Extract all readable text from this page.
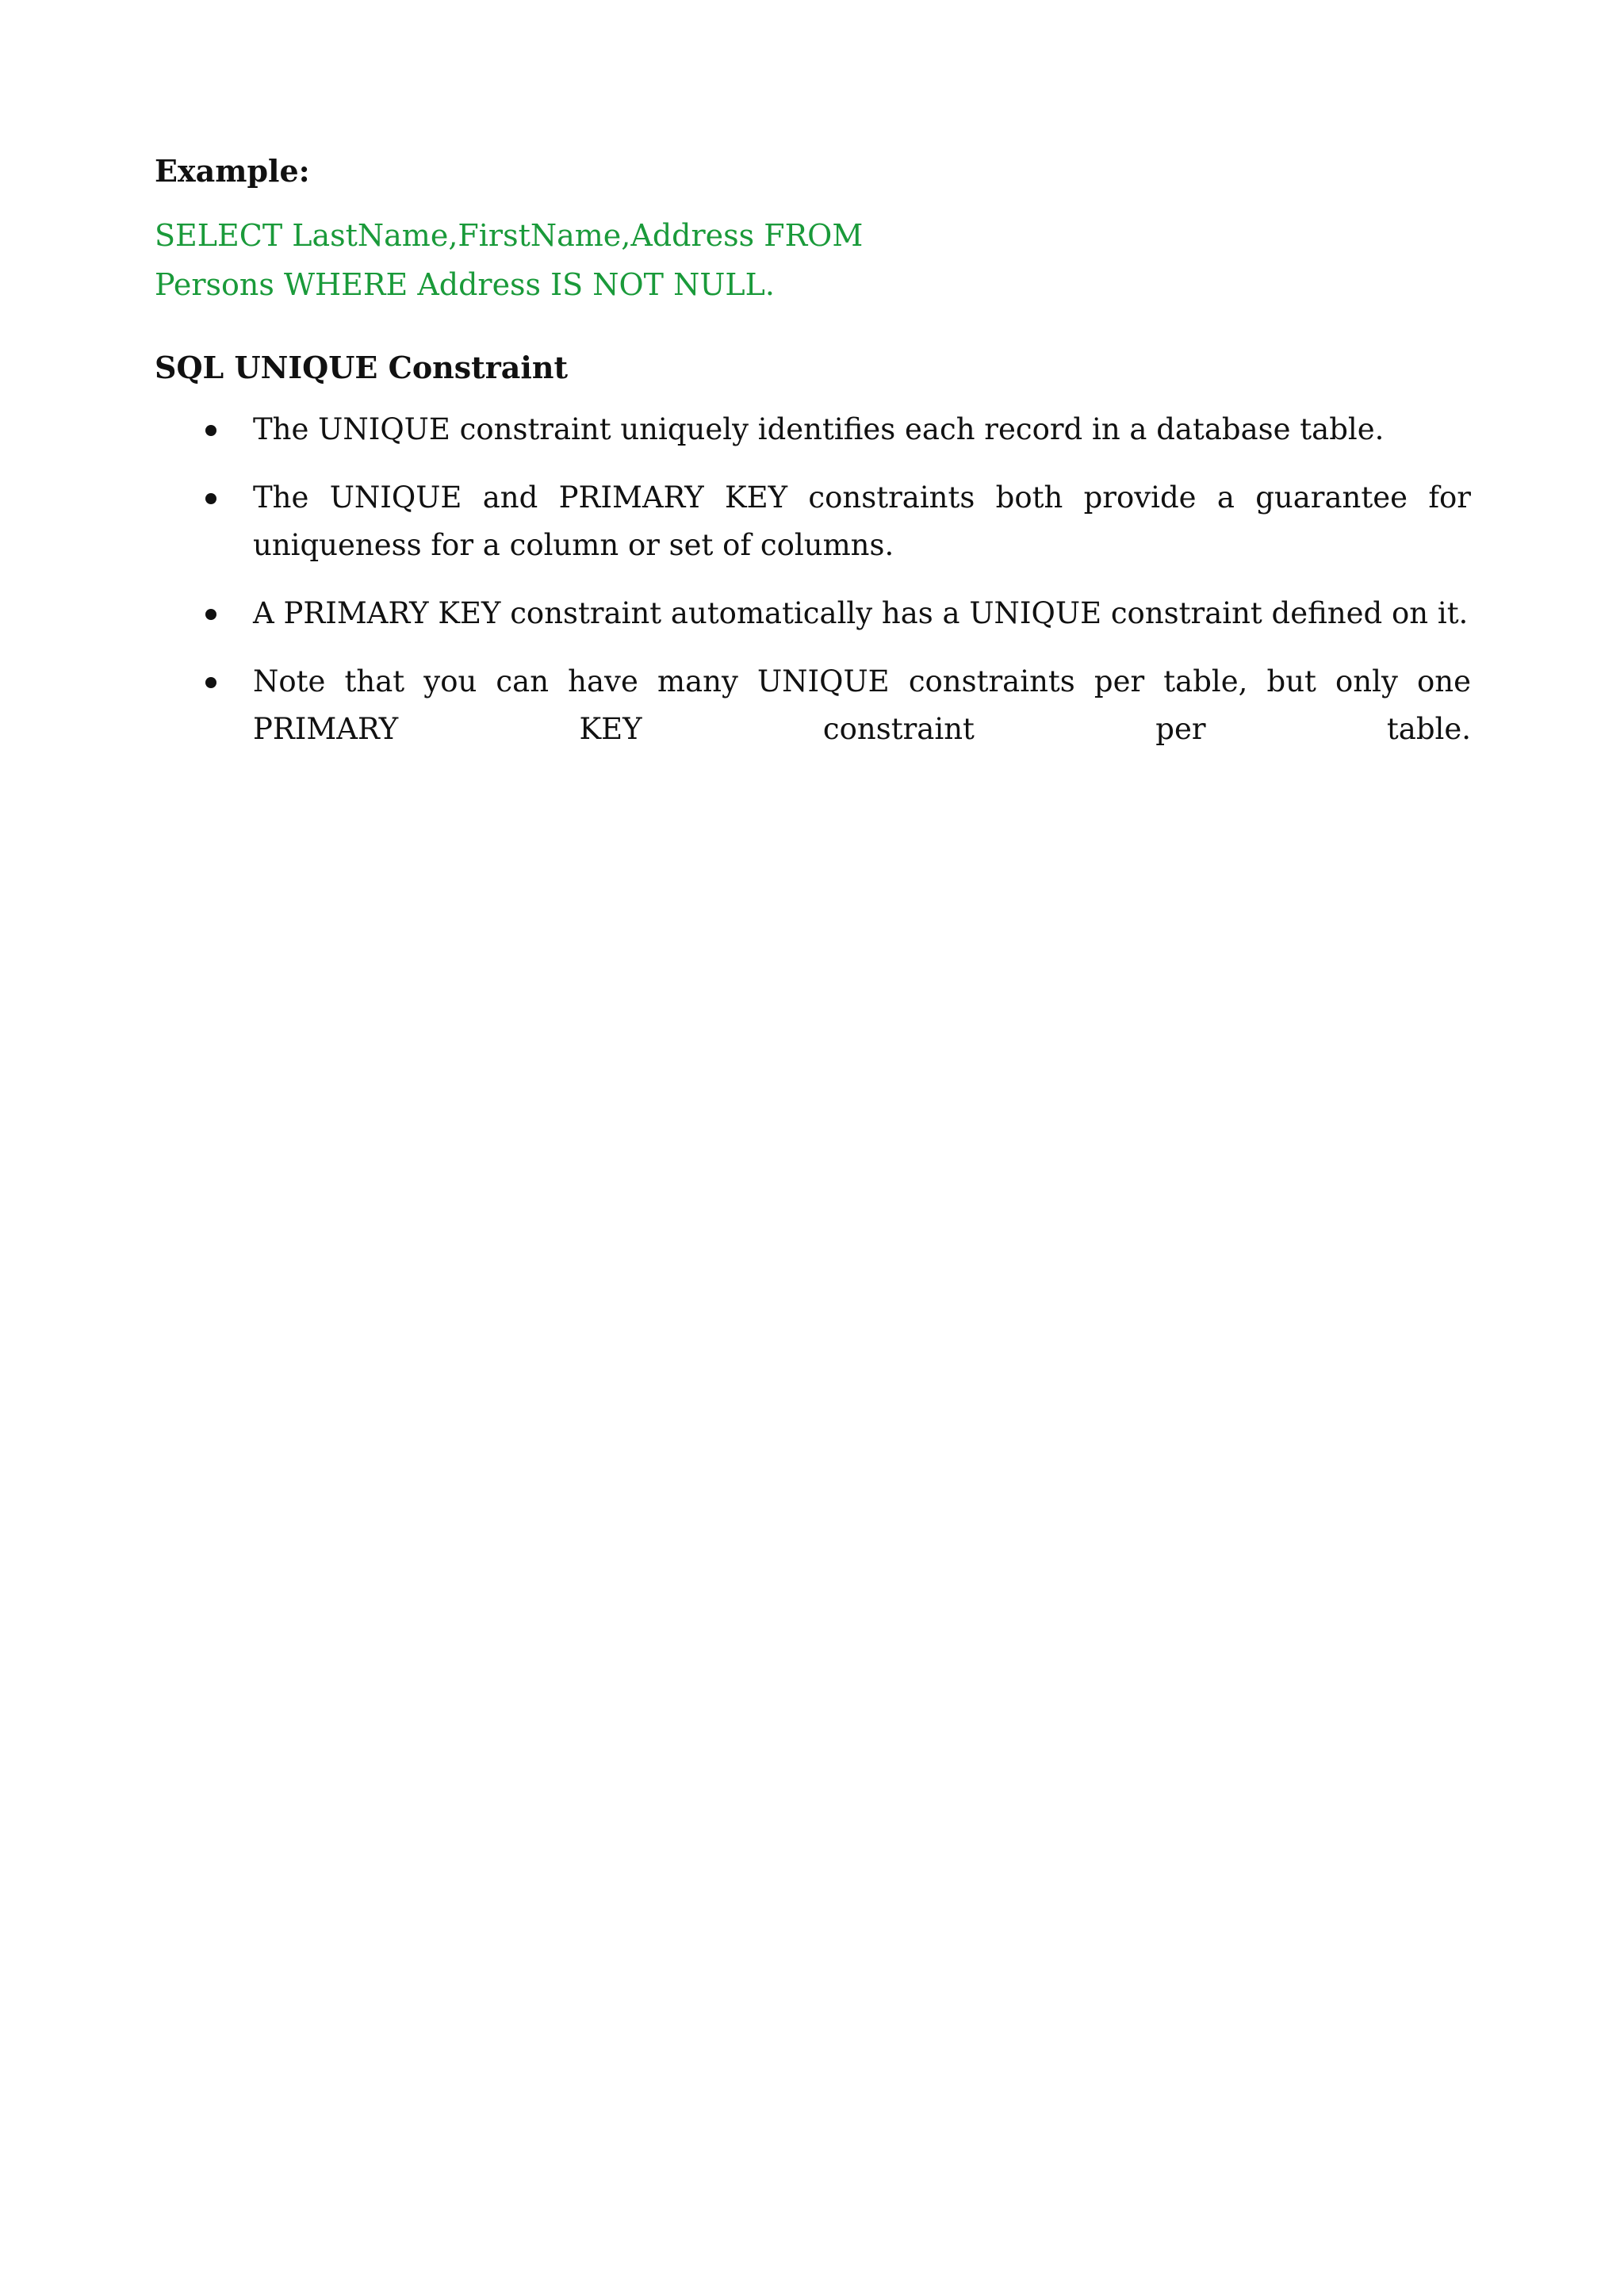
Example:
SELECT LastName,FirstName,Address FROM
Persons WHERE Address IS NOT NULL.
SQL UNIQUE Constraint
The UNIQUE constraint uniquely identifies each record in a database table.
The UNIQUE and PRIMARY KEY constraints both provide a guarantee for uniqueness for a column or set of columns.
A PRIMARY KEY constraint automatically has a UNIQUE constraint defined on it.
Note that you can have many UNIQUE constraints per table, but only one PRIMARY KEY constraint per table.
